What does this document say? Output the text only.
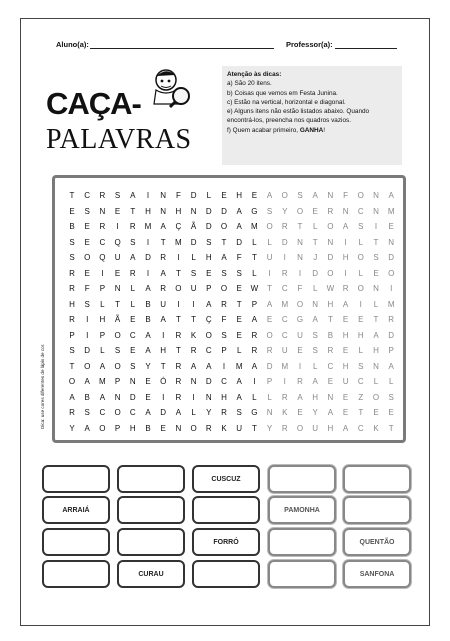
Aluno(a):	Professor(a):
CAÇA-
PALAVRAS
Atenção às dicas:
a) São 20 itens.
b) Coisas que vemos em Festa Junina.
c) Estão na vertical, horizontal e diagonal.
e) Alguns itens não estão listados abaixo. Quando encontrá-los, preencha nos quadros vazios.
f) Quem acabar primeiro, GANHA!
T	C	R	S	A	I	N	F	D	L	E	H	E	A	O	S	A	N	F	O	N	A
E	S	N	E	T	H	N	H	N	D	D	A	G	S	Y	O	E	R	N	C	N	M
B	E	R	I	R	M	A	Ç	Ã	D	O	A	M	O	R	T	L	O	A	S	I	E
S	E	C	Q	S	I	T	M	D	S	T	D	L	L	D	N	T	N	I	L	T	N
S	O	Q	U	A	D	R	I	L	H	A	F	T	U	I	N	J	D	H	O	S	D
R	E	I	E	R	I	A	T	S	E	S	S	L	I	R	I	D	O	I	L	E	O
R	F	P	N	L	A	R	O	U	P	O	E	W	T	C	F	L	W	R	O	N	I
H	S	L	T	L	B	U	I	I	A	R	T	P	A	M	O	N	H	A	I	L	M
R	I	H	Ã	E	B	A	T	T	Ç	F	E	A	E	C	G	A	T	E	E	T	R
P	I	P	O	C	A	I	R	K	O	S	E	R	O	C	U	S	B	H	H	A	D
S	D	L	S	E	A	H	T	R	C	P	L	R	R	U	E	S	R	E	L	H	P
T	O	A	O	S	Y	T	R	A	A	I	M	A	D	M	I	L	C	H	S	N	A
O	A	M	P	N	E	Ó	R	N	D	C	A	I	P	I	R	A	E	U	C	L	L
A	B	A	N	D	E	I	R	I	N	H	A	L	L	R	A	H	N	E	Z	O	S
R	S	C	O	C	A	D	A	L	Y	R	S	G	N	K	E	Y	A	E	T	E	E
Y	A	O	P	H	B	E	N	O	R	K	U	T	Y	R	O	U	H	A	C	K	T
Dica: use cores diferentes de lápis de cor.
CUSCUZ
ARRAIÁ	PAMONHA
FORRÓ	QUENTÃO
CURAU	SANFONA
